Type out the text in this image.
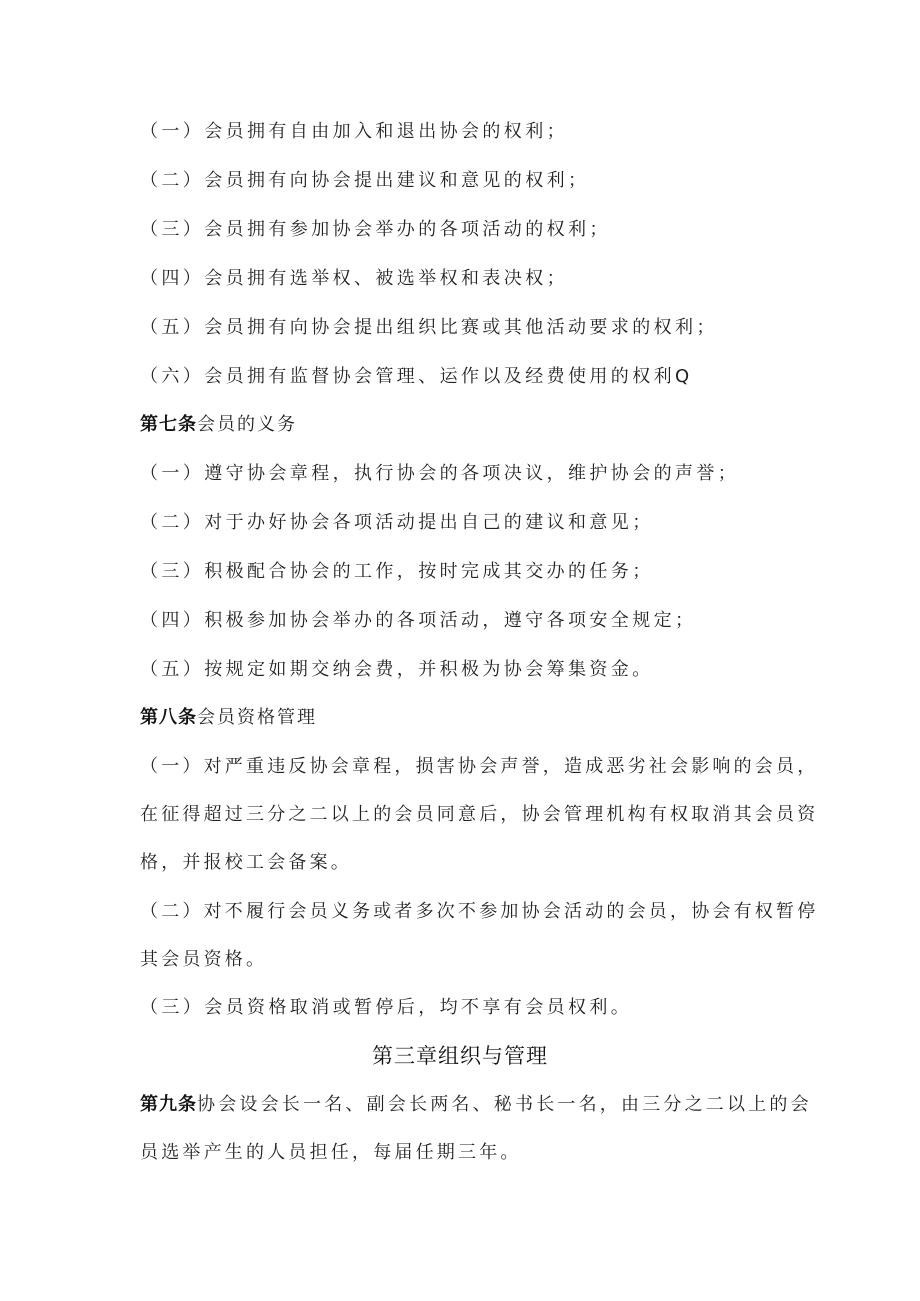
（一）会员拥有自由加入和退出协会的权利；
（二）会员拥有向协会提出建议和意见的权利；
（三）会员拥有参加协会举办的各项活动的权利；
（四）会员拥有选举权、被选举权和表决权；
（五）会员拥有向协会提出组织比赛或其他活动要求的权利；
（六）会员拥有监督协会管理、运作以及经费使用的权利Q
第七条会员的义务
（一）遵守协会章程，执行协会的各项决议，维护协会的声誉；
（二）对于办好协会各项活动提出自己的建议和意见；
（三）积极配合协会的工作，按时完成其交办的任务；
（四）积极参加协会举办的各项活动，遵守各项安全规定；
（五）按规定如期交纳会费，并积极为协会筹集资金。
第八条会员资格管理
（一）对严重违反协会章程，损害协会声誉，造成恶劣社会影响的会员，
在征得超过三分之二以上的会员同意后，协会管理机构有权取消其会员资
格，并报校工会备案。
（二）对不履行会员义务或者多次不参加协会活动的会员，协会有权暂停
其会员资格。
（三）会员资格取消或暂停后，均不享有会员权利。
第三章组织与管理
第九条协会设会长一名、副会长两名、秘书长一名，由三分之二以上的会
员选举产生的人员担任，每届任期三年。
